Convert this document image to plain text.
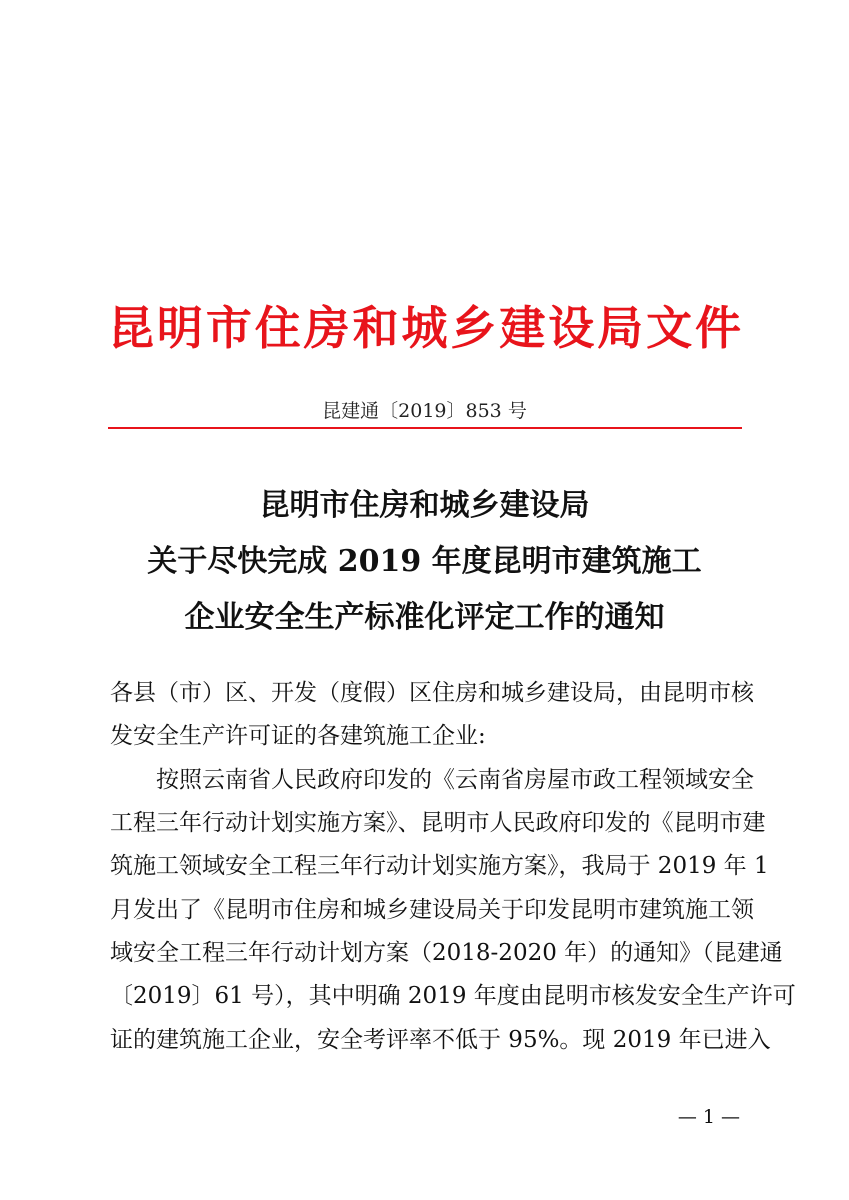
昆明市住房和城乡建设局文件
昆建通〔2019〕853 号
昆明市住房和城乡建设局
关于尽快完成 2019 年度昆明市建筑施工
企业安全生产标准化评定工作的通知
各县（市）区、开发（度假）区住房和城乡建设局，由昆明市核
发安全生产许可证的各建筑施工企业:
按照云南省人民政府印发的《云南省房屋市政工程领域安全
工程三年行动计划实施方案》、昆明市人民政府印发的《昆明市建
筑施工领域安全工程三年行动计划实施方案》，我局于 2019 年 1
月发出了《昆明市住房和城乡建设局关于印发昆明市建筑施工领
域安全工程三年行动计划方案（2018-2020 年）的通知》（昆建通
〔2019〕61 号），其中明确 2019 年度由昆明市核发安全生产许可
证的建筑施工企业，安全考评率不低于 95%。现 2019 年已进入
— 1 —
